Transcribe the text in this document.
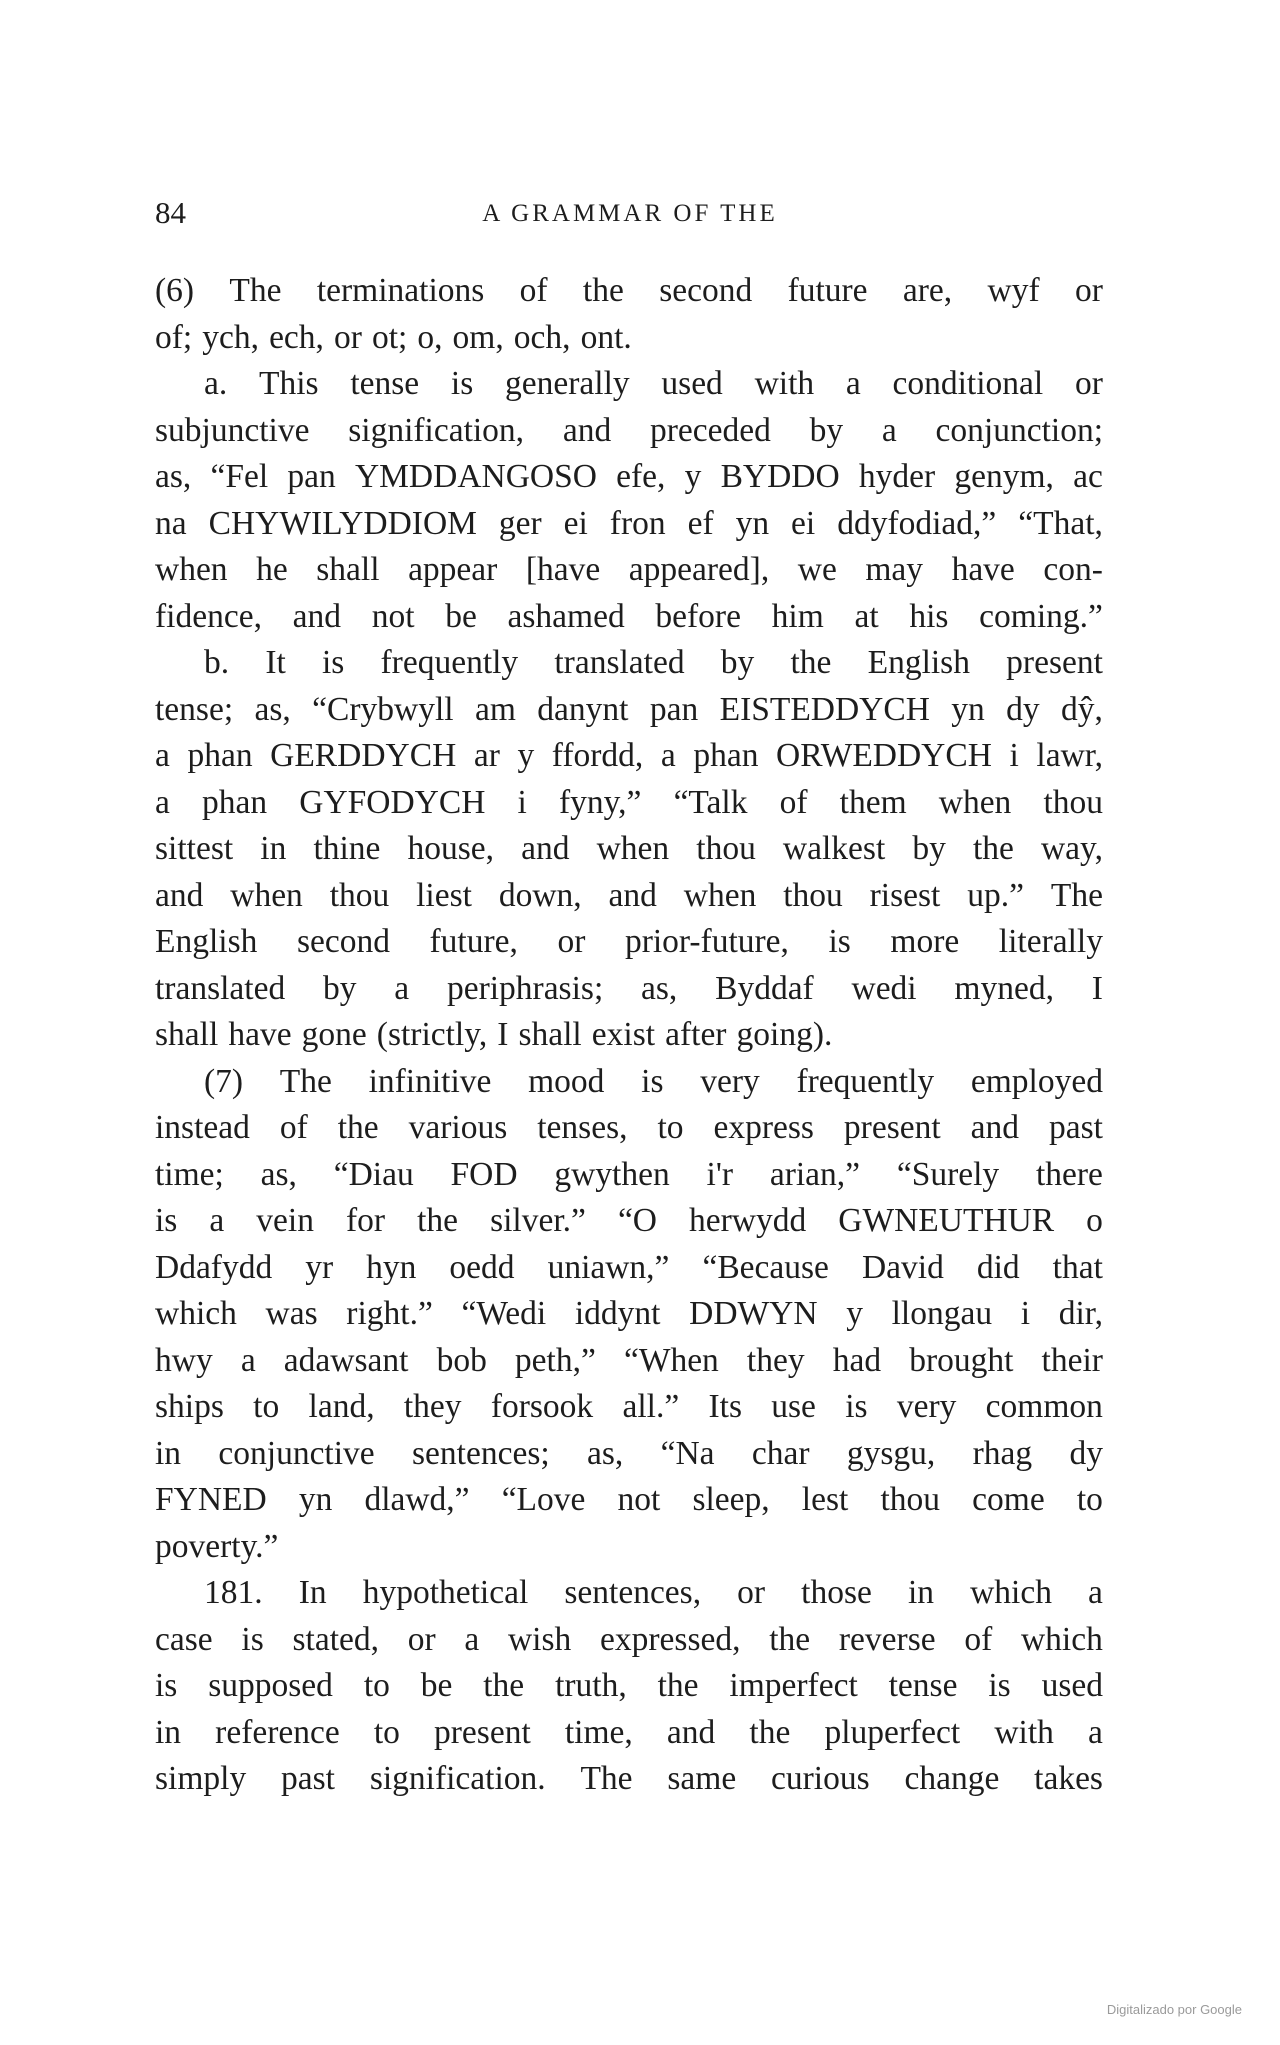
84	A GRAMMAR OF THE
(6) The terminations of the second future are, wyf or
of; ych, ech, or ot; o, om, och, ont.
a. This tense is generally used with a conditional or
subjunctive signification, and preceded by a conjunction;
as, “Fel pan YMDDANGOSO efe, y BYDDO hyder genym, ac
na CHYWILYDDIOM ger ei fron ef yn ei ddyfodiad,” “That,
when he shall appear [have appeared], we may have con-
fidence, and not be ashamed before him at his coming.”
b. It is frequently translated by the English present
tense; as, “Crybwyll am danynt pan EISTEDDYCH yn dy dŷ,
a phan GERDDYCH ar y ffordd, a phan ORWEDDYCH i lawr,
a phan GYFODYCH i fyny,” “Talk of them when thou
sittest in thine house, and when thou walkest by the way,
and when thou liest down, and when thou risest up.” The
English second future, or prior-future, is more literally
translated by a periphrasis; as, Byddaf wedi myned, I
shall have gone (strictly, I shall exist after going).
(7) The infinitive mood is very frequently employed
instead of the various tenses, to express present and past
time; as, “Diau FOD gwythen i'r arian,” “Surely there
is a vein for the silver.” “O herwydd GWNEUTHUR o
Ddafydd yr hyn oedd uniawn,” “Because David did that
which was right.” “Wedi iddynt DDWYN y llongau i dir,
hwy a adawsant bob peth,” “When they had brought their
ships to land, they forsook all.” Its use is very common
in conjunctive sentences; as, “Na char gysgu, rhag dy
FYNED yn dlawd,” “Love not sleep, lest thou come to
poverty.”
181. In hypothetical sentences, or those in which a
case is stated, or a wish expressed, the reverse of which
is supposed to be the truth, the imperfect tense is used
in reference to present time, and the pluperfect with a
simply past signification. The same curious change takes
Digitalizado por Google
